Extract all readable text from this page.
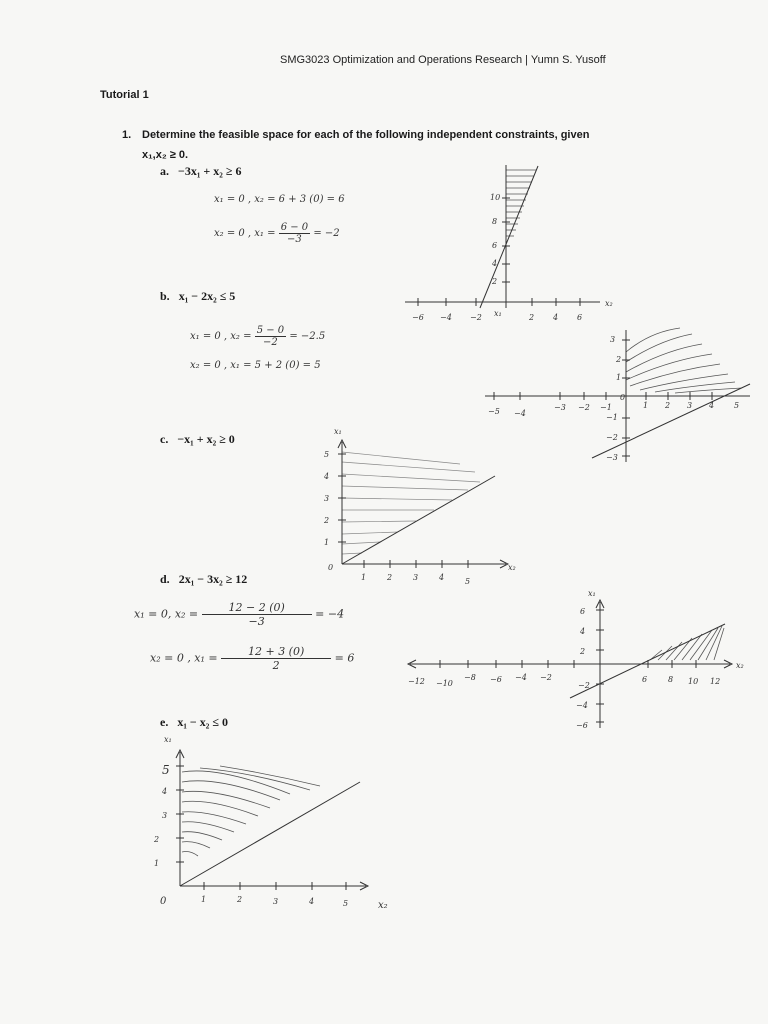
SMG3023 Optimization and Operations Research | Yumn S. Yusoff
Tutorial 1
1. Determine the feasible space for each of the following independent constraints, given
x₁,x₂ ≥ 0.
a. −3x₁ + x₂ ≥ 6
x₁ = 0 , x₂ = 6 + 3 (0) = 6
x₂ = 0 , $x_1 = \frac{6 - 0}{-3} = -2$
−6 −4 −2 x₁	2 4 6
x₂
10
8
6
4
2
b. x₁ − 2x₂ ≤ 5
x₁ = 0 , $x_2 = \frac{5 - 0}{-2} = -2.5$
x₂ = 0 , x₁ = 5 + 2 (0) = 5
−5 −4
−3 −2 −1
0
1 2 3 4 5
3
2
1
−1
−2
−3
c. −x₁ + x₂ ≥ 0
x₁
x₂
5
4
3
2
1
0
1	2	3	4	5
d. 2x₁ − 3x₂ ≥ 12
x₁ = 0, $x_2 = \frac{12 - 2 (0)}{-3} = -4$
x₂ = 0 , $x_1 = \frac{12 + 3 (0)}{2} = 6$
x₁
x₂
−12 −10
−8 −6 −4 −2	6	8 10 12
6
4
2
−2
−4
−6
e. x₁ − x₂ ≤ 0
x₁
x₂
5
4
3
2
1
0	1	2	3	4	5
